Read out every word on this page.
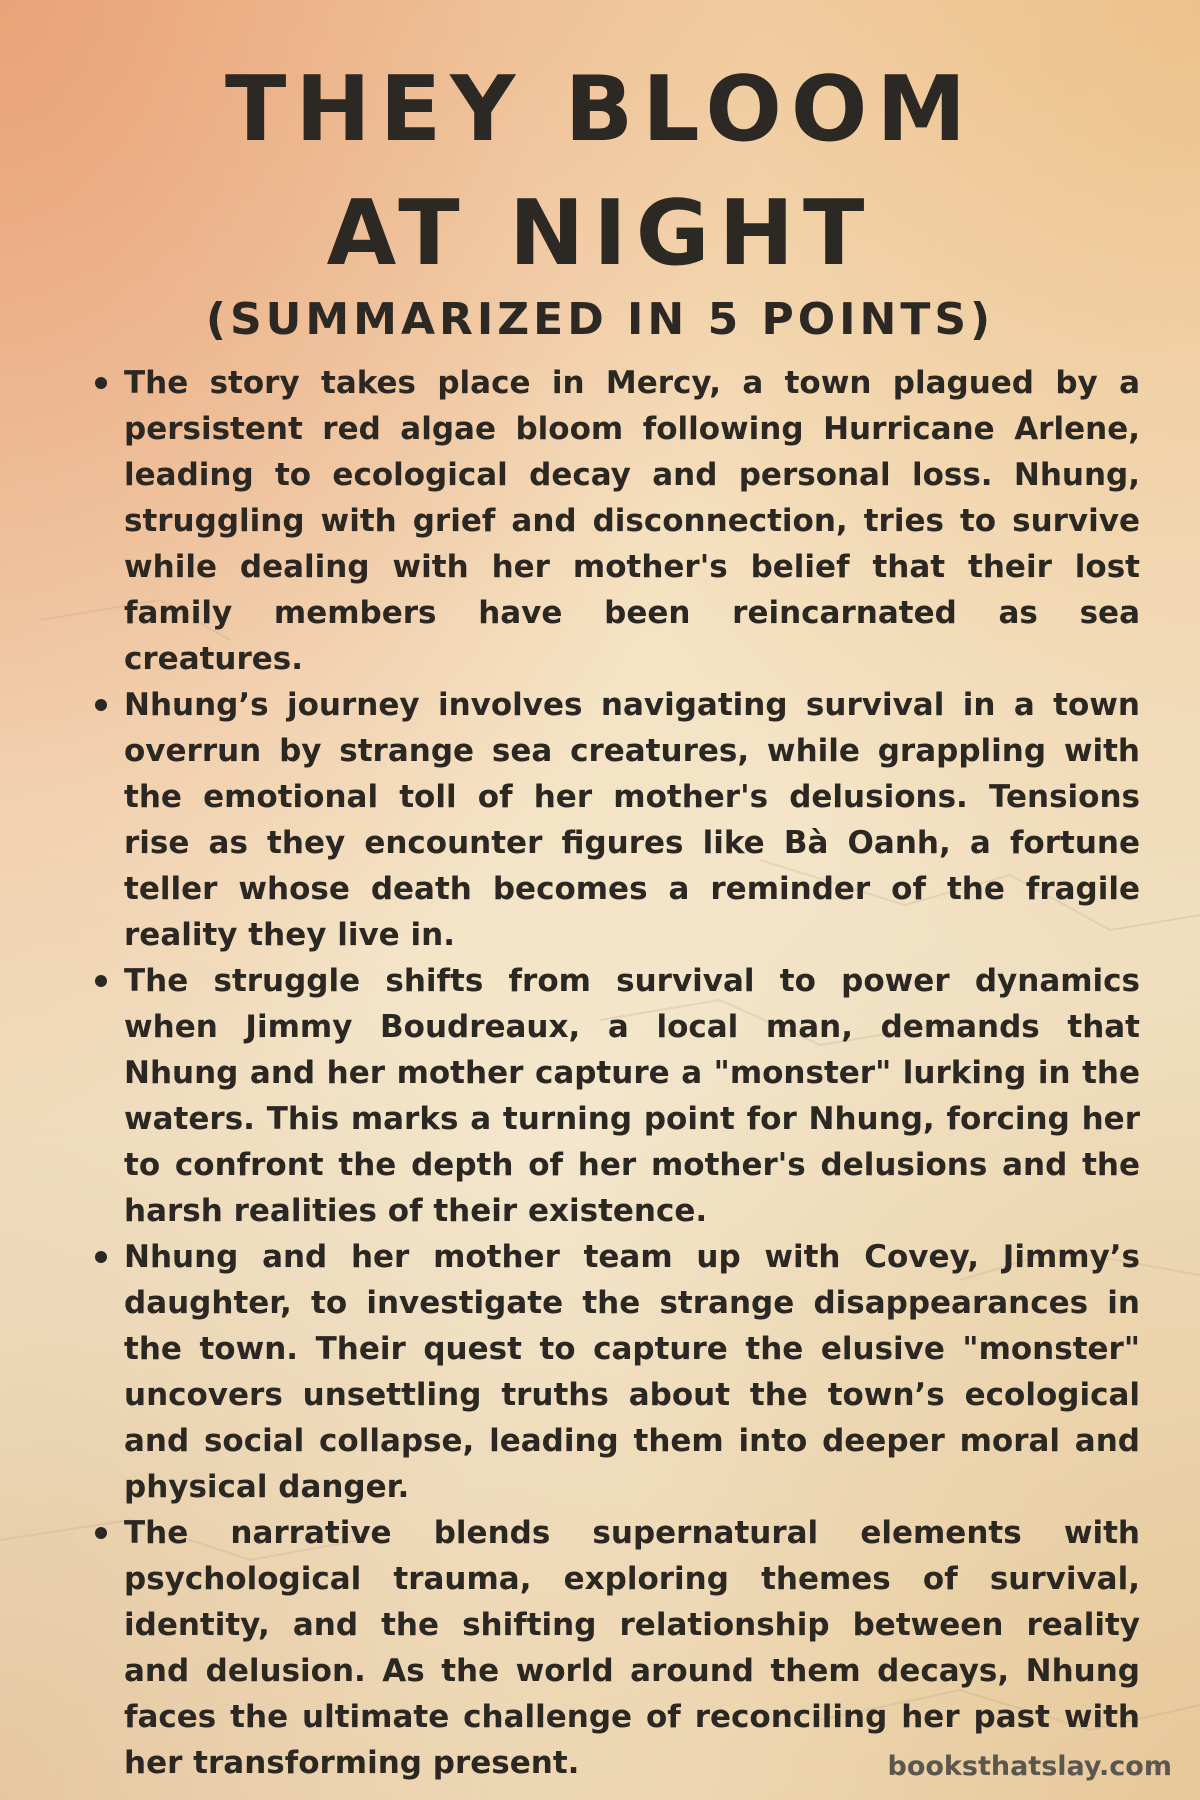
THEY BLOOM AT NIGHT
(SUMMARIZED IN 5 POINTS)
The story takes place in Mercy, a town plagued by a persistent red algae bloom following Hurricane Arlene, leading to ecological decay and personal loss. Nhung, struggling with grief and disconnection, tries to survive while dealing with her mother's belief that their lost family members have been reincarnated as sea creatures.
Nhung’s journey involves navigating survival in a town overrun by strange sea creatures, while grappling with the emotional toll of her mother's delusions. Tensions rise as they encounter figures like Bà Oanh, a fortune teller whose death becomes a reminder of the fragile reality they live in.
The struggle shifts from survival to power dynamics when Jimmy Boudreaux, a local man, demands that Nhung and her mother capture a "monster" lurking in the waters. This marks a turning point for Nhung, forcing her to confront the depth of her mother's delusions and the harsh realities of their existence.
Nhung and her mother team up with Covey, Jimmy’s daughter, to investigate the strange disappearances in the town. Their quest to capture the elusive "monster" uncovers unsettling truths about the town’s ecological and social collapse, leading them into deeper moral and physical danger.
The narrative blends supernatural elements with psychological trauma, exploring themes of survival, identity, and the shifting relationship between reality and delusion. As the world around them decays, Nhung faces the ultimate challenge of reconciling her past with her transforming present.	booksthatslay.com
